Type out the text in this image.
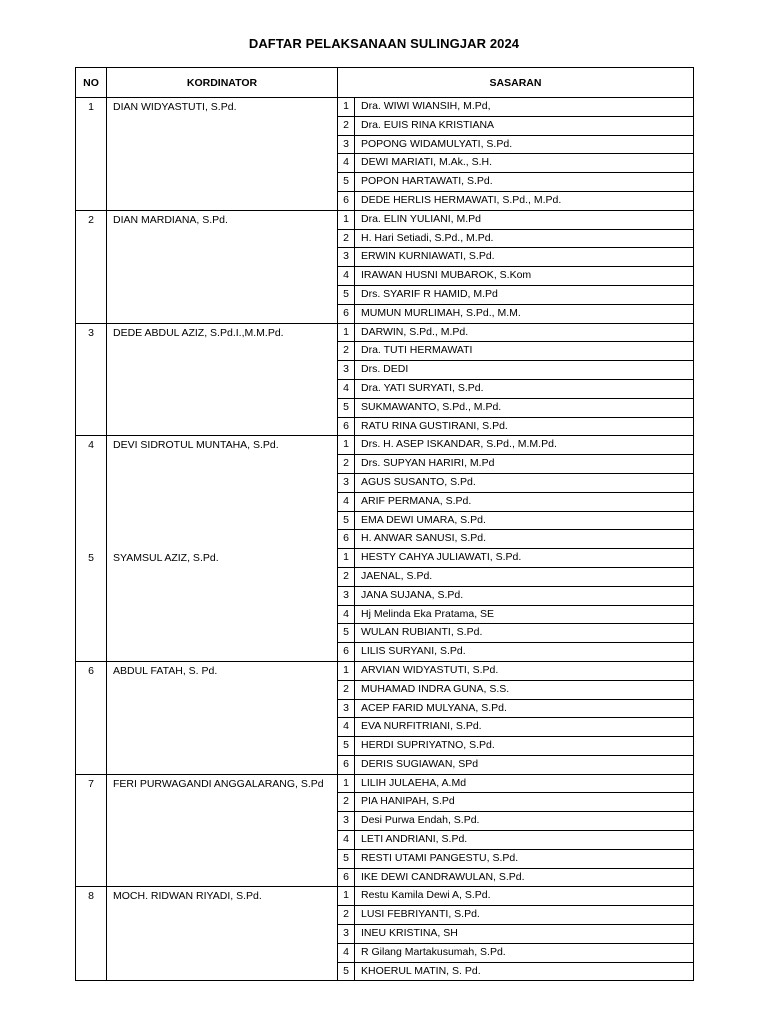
DAFTAR PELAKSANAAN SULINGJAR 2024
NO	KORDINATOR	SASARAN	
1	DIAN WIDYASTUTI, S.Pd.	1	Dra. WIWI WIANSIH, M.Pd,
		2	Dra. EUIS RINA KRISTIANA
		3	POPONG WIDAMULYATI, S.Pd.
		4	DEWI MARIATI, M.Ak., S.H.
		5	POPON HARTAWATI, S.Pd.
		6	DEDE HERLIS HERMAWATI, S.Pd., M.Pd.
2	DIAN MARDIANA, S.Pd.	1	Dra. ELIN YULIANI, M.Pd
		2	H. Hari Setiadi, S.Pd., M.Pd.
		3	ERWIN KURNIAWATI, S.Pd.
		4	IRAWAN HUSNI MUBAROK, S.Kom
		5	Drs. SYARIF R HAMID, M.Pd
		6	MUMUN MURLIMAH, S.Pd., M.M.
3	DEDE ABDUL AZIZ, S.Pd.I.,M.M.Pd.	1	DARWIN, S.Pd., M.Pd.
		2	Dra. TUTI HERMAWATI
		3	Drs. DEDI
		4	Dra. YATI SURYATI, S.Pd.
		5	SUKMAWANTO, S.Pd., M.Pd.
		6	RATU RINA GUSTIRANI, S.Pd.
4	DEVI SIDROTUL MUNTAHA, S.Pd.	1	Drs. H. ASEP ISKANDAR, S.Pd., M.M.Pd.
		2	Drs. SUPYAN HARIRI, M.Pd
		3	AGUS SUSANTO, S.Pd.
		4	ARIF PERMANA, S.Pd.
		5	EMA DEWI UMARA, S.Pd.
		6	H. ANWAR SANUSI, S.Pd.
5	SYAMSUL AZIZ, S.Pd.	1	HESTY CAHYA JULIAWATI, S.Pd.
		2	JAENAL, S.Pd.
		3	JANA SUJANA, S.Pd.
		4	Hj Melinda Eka Pratama, SE
		5	WULAN RUBIANTI, S.Pd.
		6	LILIS SURYANI, S.Pd.
6	ABDUL FATAH, S. Pd.	1	ARVIAN WIDYASTUTI, S.Pd.
		2	MUHAMAD INDRA GUNA, S.S.
		3	ACEP FARID MULYANA, S.Pd.
		4	EVA NURFITRIANI, S.Pd.
		5	HERDI SUPRIYATNO, S.Pd.
		6	DERIS SUGIAWAN, SPd
7	FERI PURWAGANDI ANGGALARANG, S.Pd	1	LILIH JULAEHA, A.Md
		2	PIA HANIPAH, S.Pd
		3	Desi Purwa Endah, S.Pd.
		4	LETI ANDRIANI, S.Pd.
		5	RESTI UTAMI PANGESTU, S.Pd.
		6	IKE DEWI CANDRAWULAN, S.Pd.
8	MOCH. RIDWAN RIYADI, S.Pd.	1	Restu Kamila Dewi A, S.Pd.
		2	LUSI FEBRIYANTI, S.Pd.
		3	INEU KRISTINA, SH
		4	R Gilang Martakusumah, S.Pd.
		5	KHOERUL MATIN, S. Pd.
